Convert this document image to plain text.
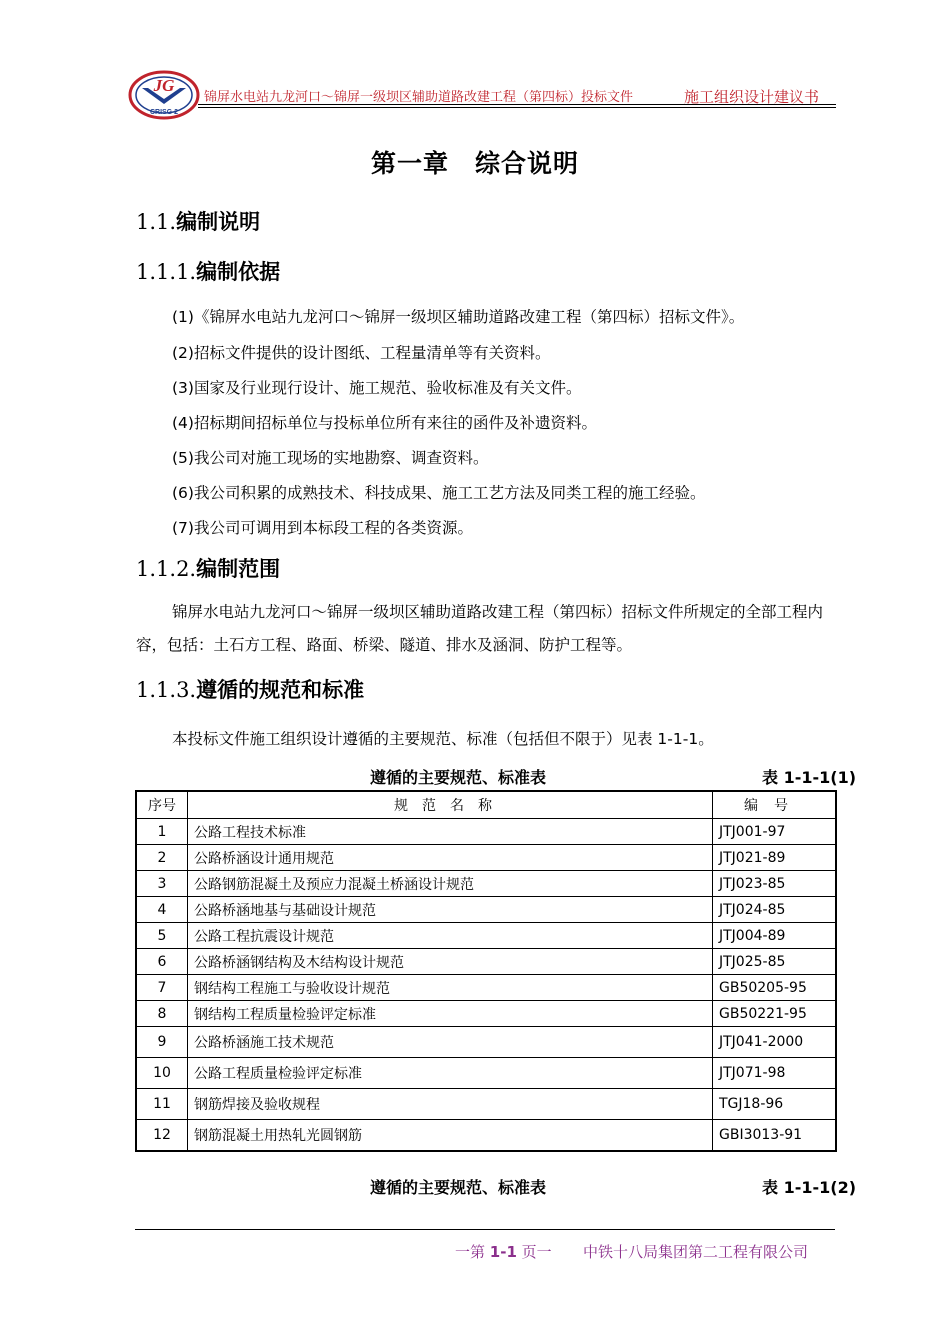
JG
CRISG 2
锦屏水电站九龙河口～锦屏一级坝区辅助道路改建工程（第四标）投标文件	施工组织设计建议书
第一章　综合说明
1.1.编制说明
1.1.1.编制依据
(1)《锦屏水电站九龙河口～锦屏一级坝区辅助道路改建工程（第四标）招标文件》。
(2)招标文件提供的设计图纸、工程量清单等有关资料。
(3)国家及行业现行设计、施工规范、验收标准及有关文件。
(4)招标期间招标单位与投标单位所有来往的函件及补遗资料。
(5)我公司对施工现场的实地勘察、调查资料。
(6)我公司积累的成熟技术、科技成果、施工工艺方法及同类工程的施工经验。
(7)我公司可调用到本标段工程的各类资源。
1.1.2.编制范围
锦屏水电站九龙河口～锦屏一级坝区辅助道路改建工程（第四标）招标文件所规定的全部工程内容，包括：土石方工程、路面、桥梁、隧道、排水及涵洞、防护工程等。
1.1.3.遵循的规范和标准
本投标文件施工组织设计遵循的主要规范、标准（包括但不限于）见表 1-1-1。
遵循的主要规范、标准表	表 1-1-1(1)
序号	规范名称	编号
1	公路工程技术标准	JTJ001-97
2	公路桥涵设计通用规范	JTJ021-89
3	公路钢筋混凝土及预应力混凝土桥涵设计规范	JTJ023-85
4	公路桥涵地基与基础设计规范	JTJ024-85
5	公路工程抗震设计规范	JTJ004-89
6	公路桥涵钢结构及木结构设计规范	JTJ025-85
7	钢结构工程施工与验收设计规范	GB50205-95
8	钢结构工程质量检验评定标准	GB50221-95
9	公路桥涵施工技术规范	JTJ041-2000
10	公路工程质量检验评定标准	JTJ071-98
11	钢筋焊接及验收规程	TGJ18-96
12	钢筋混凝土用热轧光圆钢筋	GBI3013-91
遵循的主要规范、标准表	表 1-1-1(2)
一第 1-1 页一 中铁十八局集团第二工程有限公司
